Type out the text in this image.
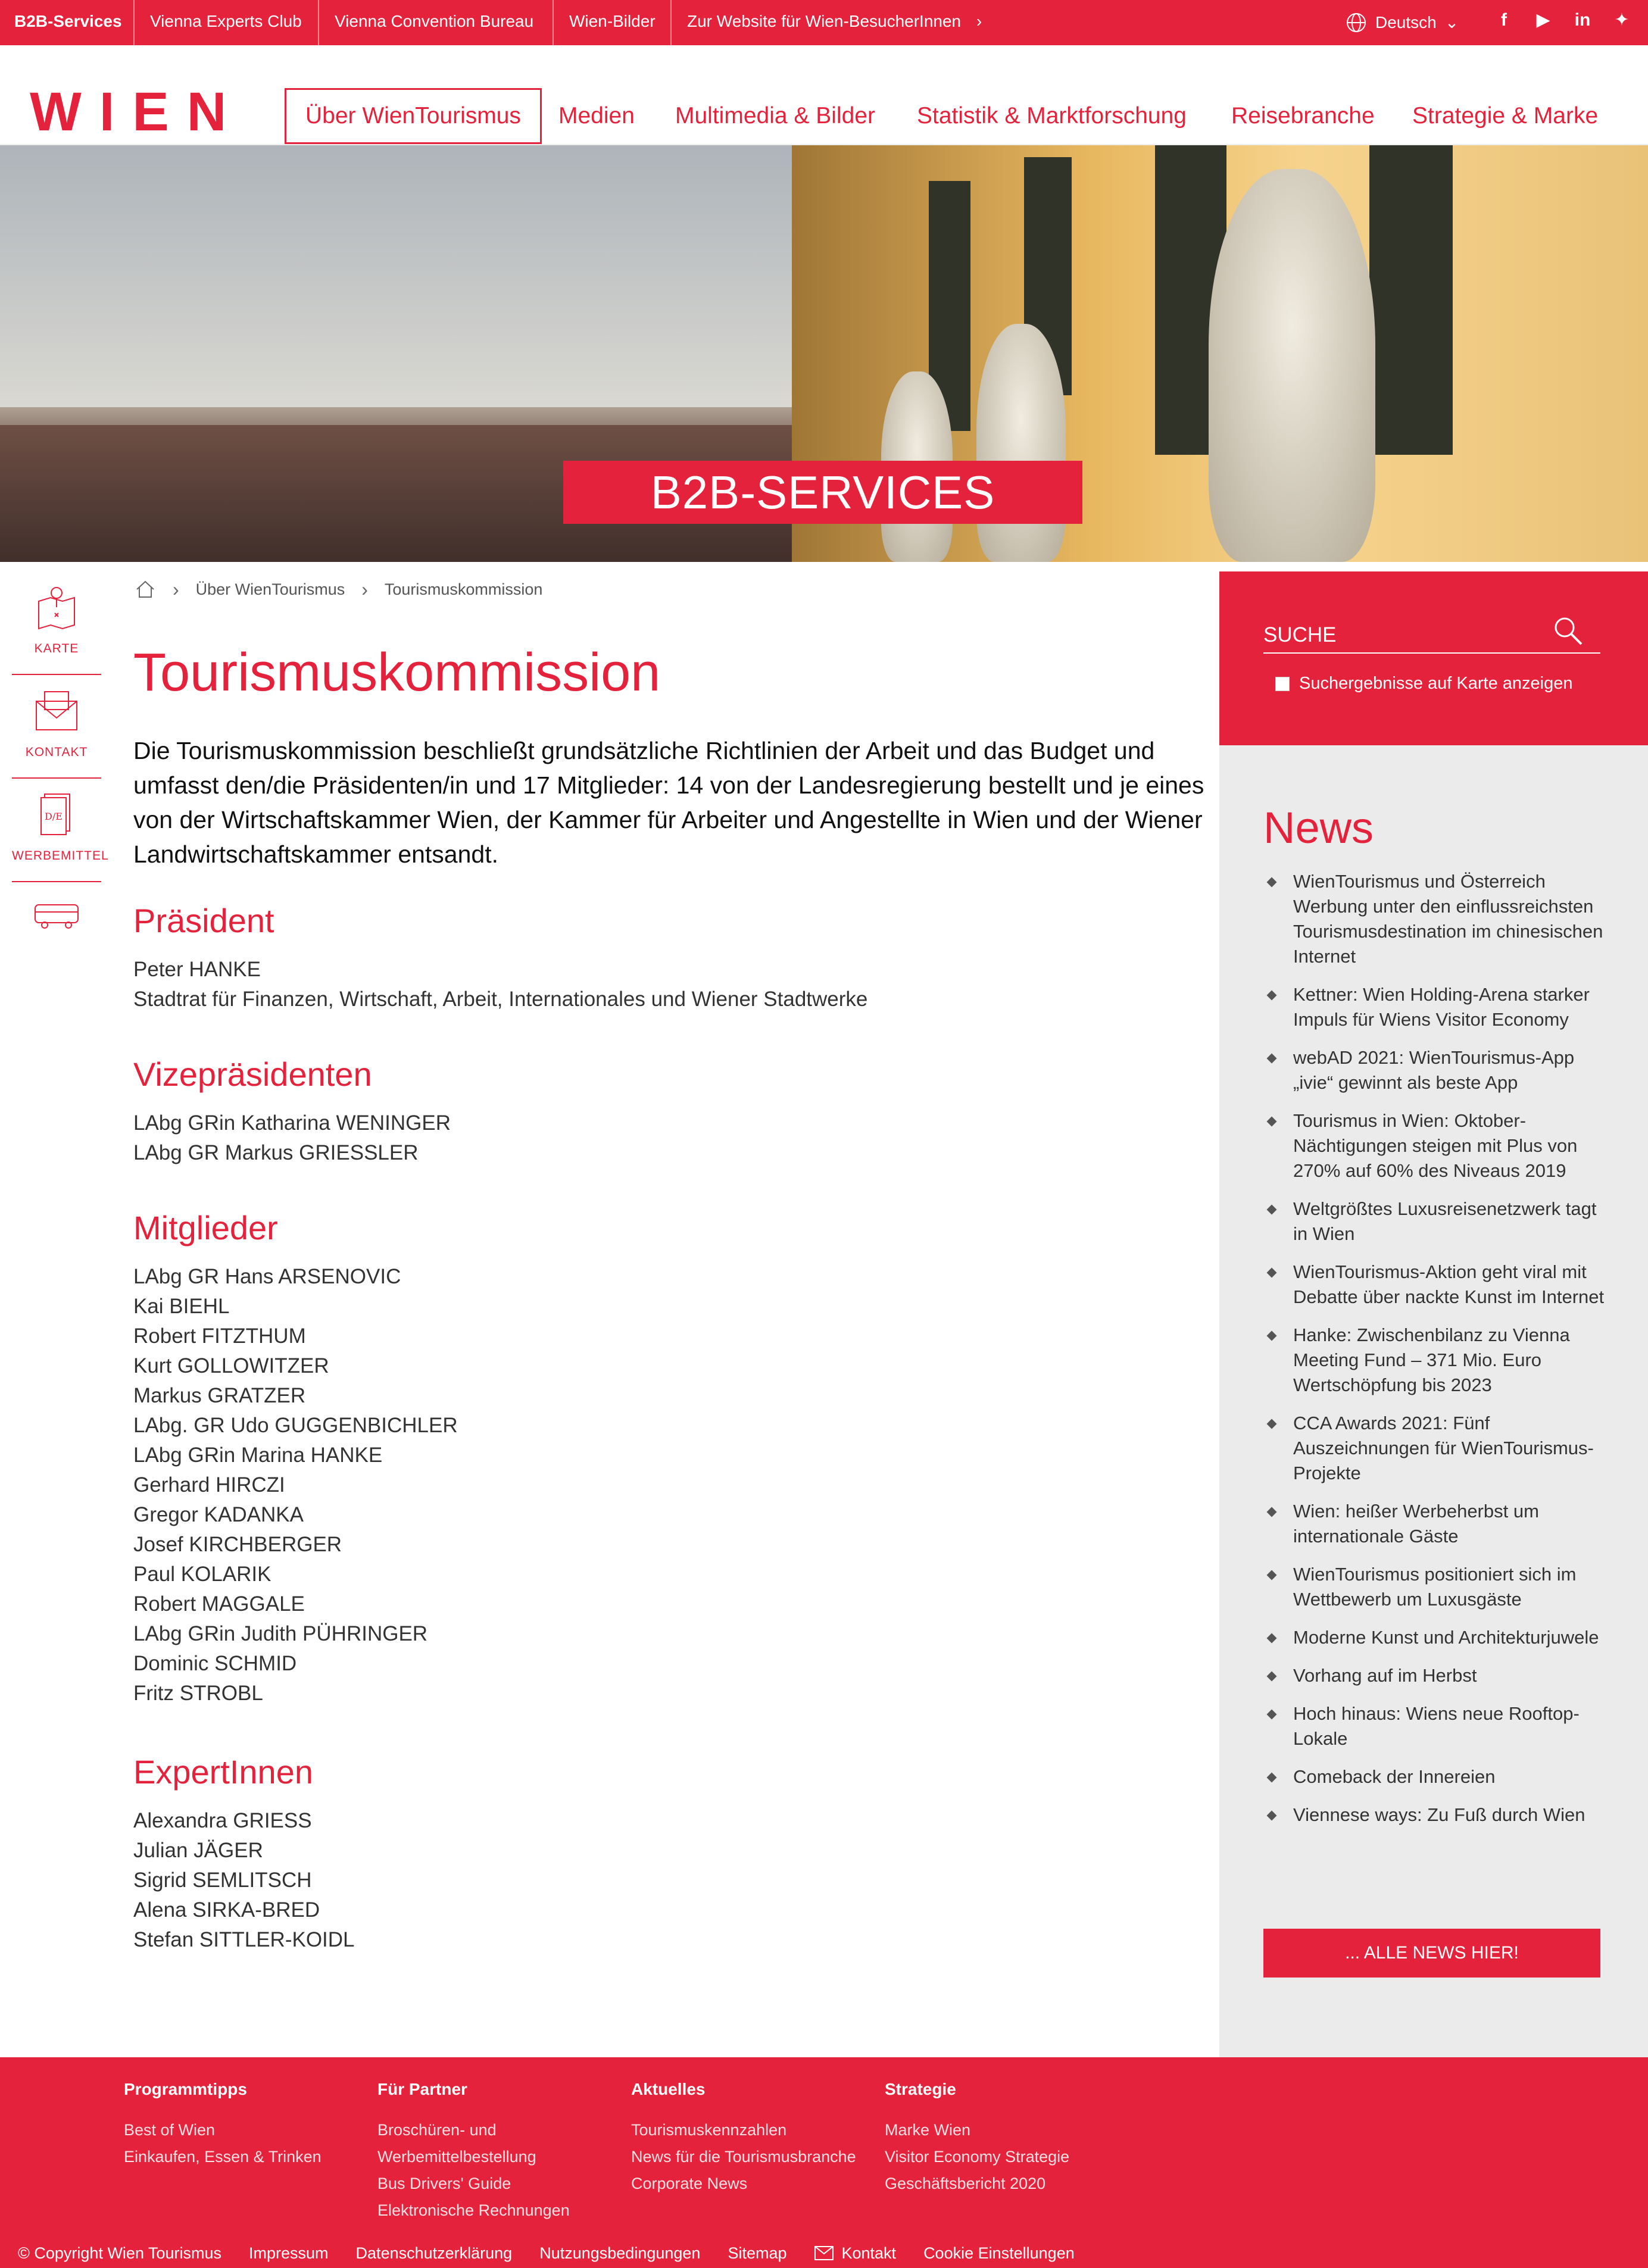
B2B-Services	Vienna Experts Club	Vienna Convention Bureau	Wien-Bilder	Zur Website für Wien-BesucherInnen ›	Deutsch ⌄	f	▶ in ✦
WIEN	Über WienTourismus	Medien	Multimedia & Bilder	Statistik & Marktforschung	Reisebranche	Strategie & Marke
B2B-SERVICES
KARTE
KONTAKT
D/E
WERBEMITTEL
› Über WienTourismus › Tourismuskommission
Tourismuskommission

Die Tourismuskommission beschließt grundsätzliche Richtlinien der Arbeit und das Budget und umfasst den/die Präsidenten/in und 17 Mitglieder: 14 von der Landesregierung bestellt und je eines von der Wirtschaftskammer Wien, der Kammer für Arbeiter und Angestellte in Wien und der Wiener Landwirtschaftskammer entsandt.

Präsident
Peter HANKE
Stadtrat für Finanzen, Wirtschaft, Arbeit, Internationales und Wiener Stadtwerke
Vizepräsidenten
LAbg GRin Katharina WENINGER
LAbg GR Markus GRIESSLER
Mitglieder
LAbg GR Hans ARSENOVIC
Kai BIEHL
Robert FITZTHUM
Kurt GOLLOWITZER
Markus GRATZER
LAbg. GR Udo GUGGENBICHLER
LAbg GRin Marina HANKE
Gerhard HIRCZI
Gregor KADANKA
Josef KIRCHBERGER
Paul KOLARIK
Robert MAGGALE
LAbg GRin Judith PÜHRINGER
Dominic SCHMID
Fritz STROBL
ExpertInnen
Alexandra GRIESS
Julian JÄGER
Sigrid SEMLITSCH
Alena SIRKA-BRED
Stefan SITTLER-KOIDL
SUCHE
Suchergebnisse auf Karte anzeigen
News
WienTourismus und Österreich Werbung unter den einflussreichsten Tourismusdestination im chinesischen Internet
Kettner: Wien Holding-Arena starker Impuls für Wiens Visitor Economy
webAD 2021: WienTourismus-App „ivie“ gewinnt als beste App
Tourismus in Wien: Oktober-Nächtigungen steigen mit Plus von 270% auf 60% des Niveaus 2019
Weltgrößtes Luxusreisenetzwerk tagt in Wien
WienTourismus-Aktion geht viral mit Debatte über nackte Kunst im Internet
Hanke: Zwischenbilanz zu Vienna Meeting Fund – 371 Mio. Euro Wertschöpfung bis 2023
CCA Awards 2021: Fünf Auszeichnungen für WienTourismus-Projekte
Wien: heißer Werbeherbst um internationale Gäste
WienTourismus positioniert sich im Wettbewerb um Luxusgäste
Moderne Kunst und Architekturjuwele
Vorhang auf im Herbst
Hoch hinaus: Wiens neue Rooftop-Lokale
Comeback der Innereien
Viennese ways: Zu Fuß durch Wien
... ALLE NEWS HIER!
Programmtipps
Best of Wien
Einkaufen, Essen & Trinken
Für Partner
Broschüren- und
Werbemittelbestellung
Bus Drivers' Guide
Elektronische Rechnungen
Aktuelles
Tourismuskennzahlen
News für die Tourismusbranche
Corporate News
Strategie
Marke Wien
Visitor Economy Strategie
Geschäftsbericht 2020
© Copyright Wien Tourismus Impressum Datenschutzerklärung Nutzungsbedingungen Sitemap	Kontakt Cookie Einstellungen
